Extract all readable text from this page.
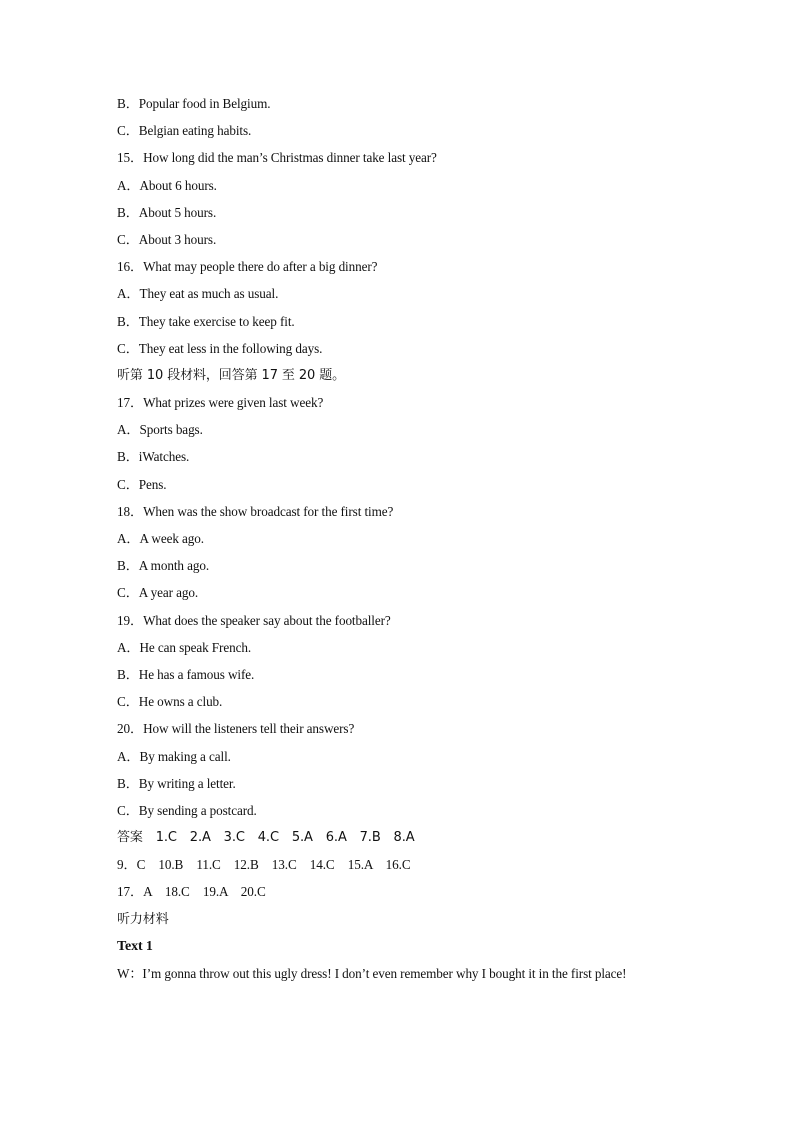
B．Popular food in Belgium.
C．Belgian eating habits.
15．How long did the man’s Christmas dinner take last year?
A．About 6 hours.
B．About 5 hours.
C．About 3 hours.
16．What may people there do after a big dinner?
A．They eat as much as usual.
B．They take exercise to keep fit.
C．They eat less in the following days.
听第 10 段材料，回答第 17 至 20 题。
17．What prizes were given last week?
A．Sports bags.
B．iWatches.
C．Pens.
18．When was the show broadcast for the first time?
A．A week ago.
B．A month ago.
C．A year ago.
19．What does the speaker say about the footballer?
A．He can speak French.
B．He has a famous wife.
C．He owns a club.
20．How will the listeners tell their answers?
A．By making a call.
B．By writing a letter.
C．By sending a postcard.
答案　1.C　2.A　3.C　4.C　5.A　6.A　7.B　8.A
9．C　10.B　11.C　12.B　13.C　14.C　15.A　16.C
17．A　18.C　19.A　20.C
听力材料
Text 1
W：I’m gonna throw out this ugly dress! I don’t even remember why I bought it in the first place!
